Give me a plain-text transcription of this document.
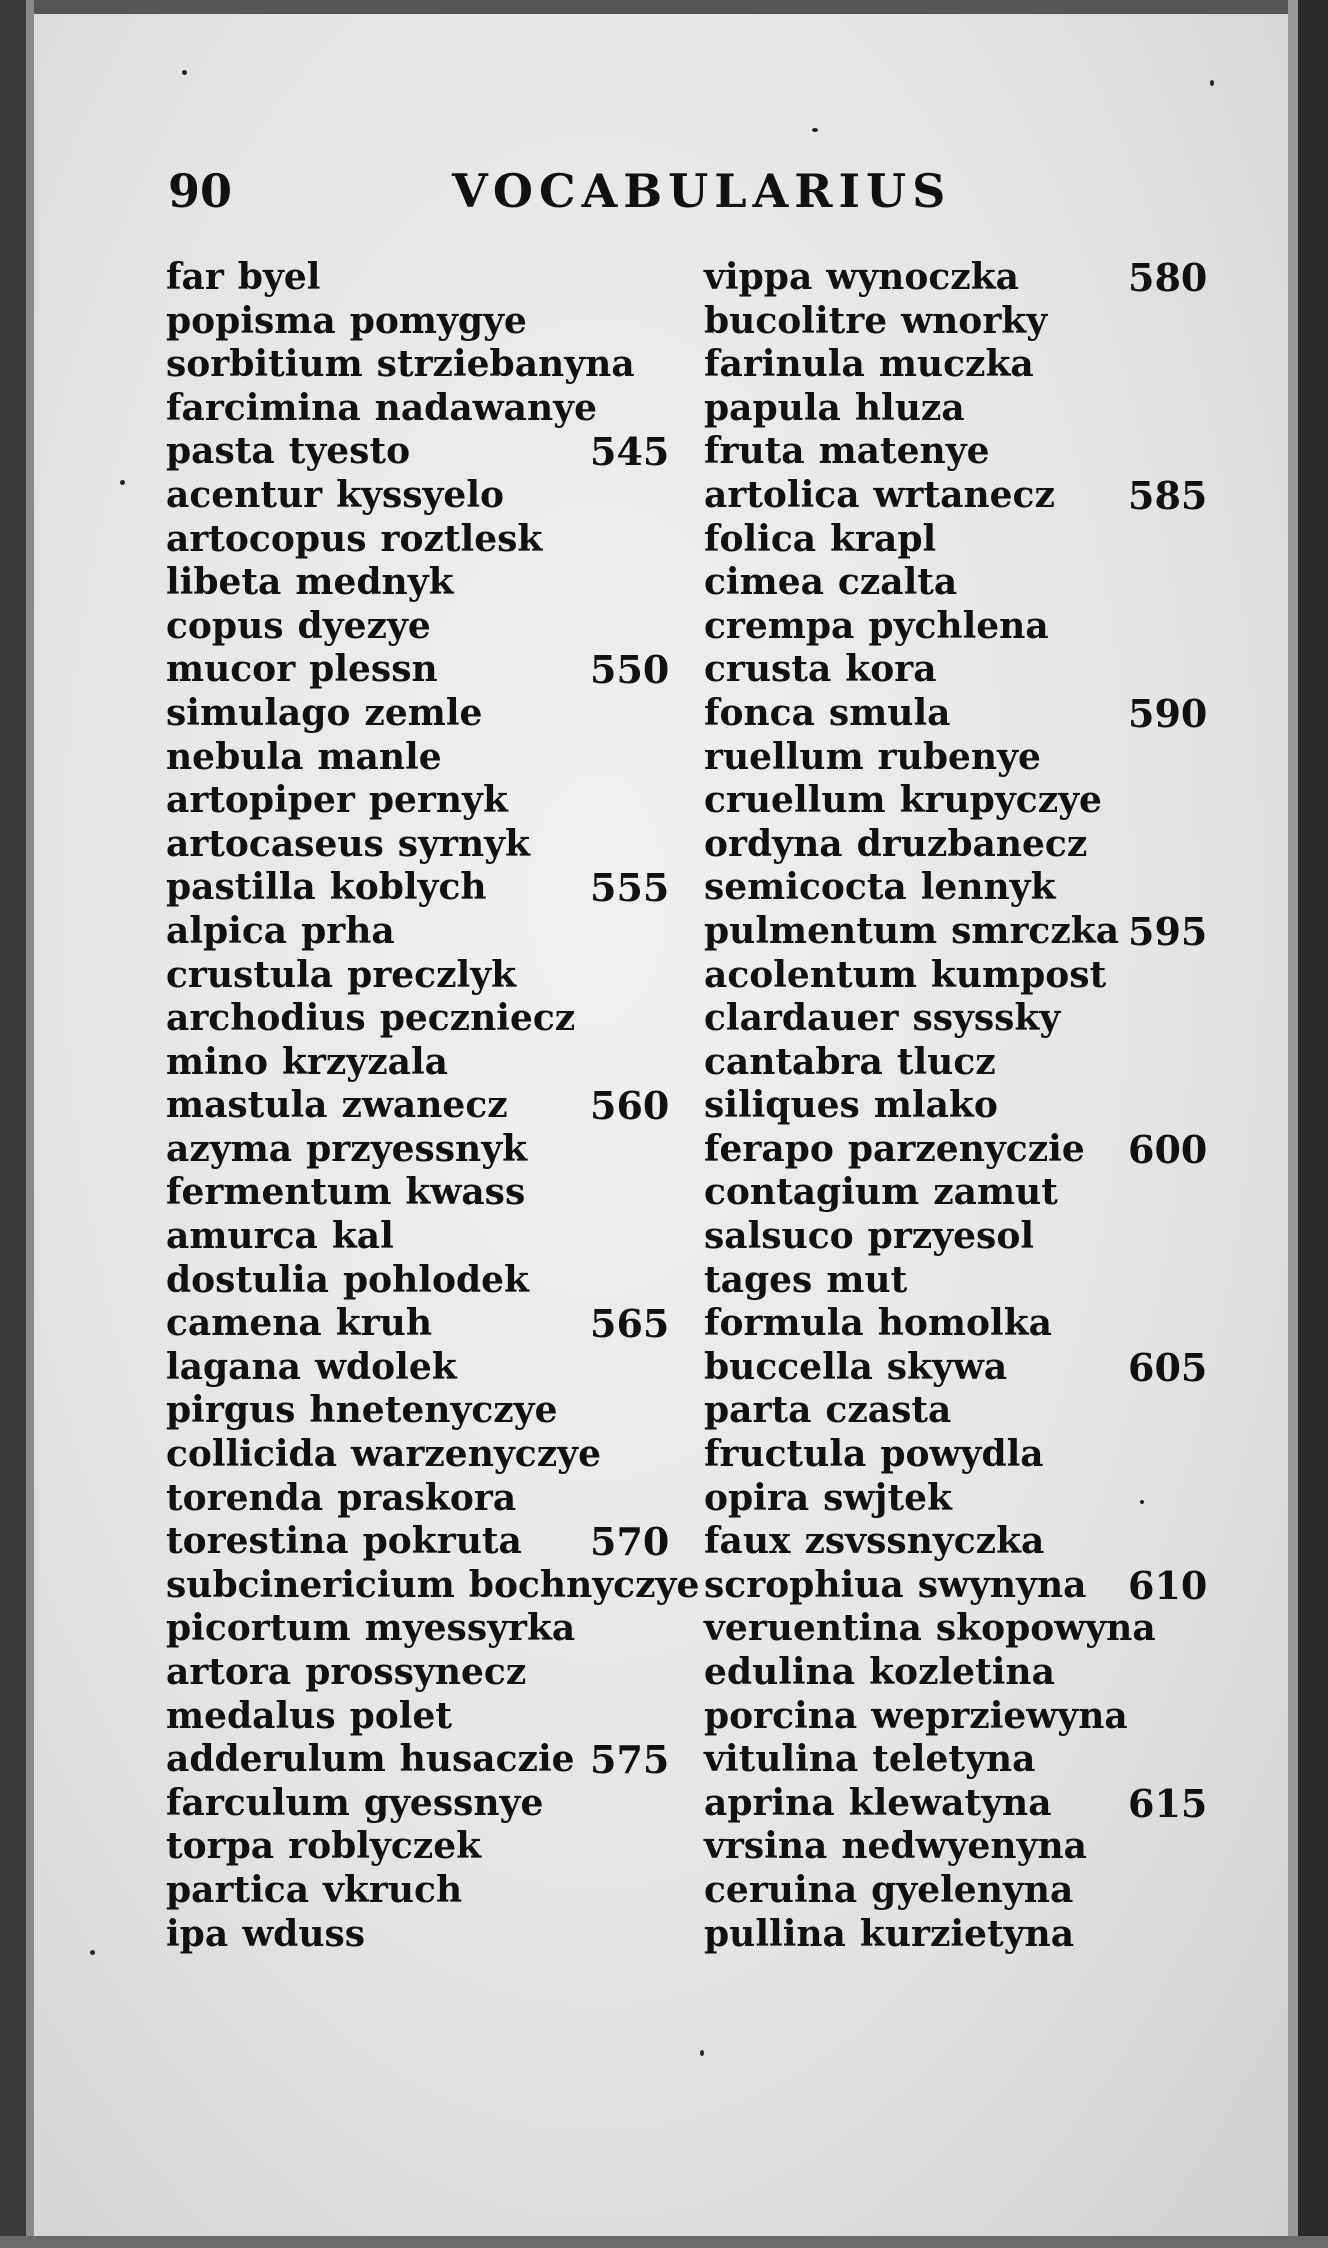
90	VOCABULARIUS
far byel
popisma pomygye
sorbitium strziebanyna
farcimina nadawanye
pasta tyesto	545
acentur kyssyelo
artocopus roztlesk
libeta mednyk
copus dyezye
mucor plessn	550
simulago zemle
nebula manle
artopiper pernyk
artocaseus syrnyk
pastilla koblych	555
alpica prha
crustula preczlyk
archodius peczniecz
mino krzyzala
mastula zwanecz 560
azyma przyessnyk
fermentum kwass
amurca kal
dostulia pohlodek
camena kruh	565
lagana wdolek
pirgus hnetenyczye
collicida warzenyczye
torenda praskora
torestina pokruta 570
subcinericium bochnyczye
picortum myessyrka
artora prossynecz
medalus polet
adderulum husaczie 575
farculum gyessnye
torpa roblyczek
partica vkruch
ipa wduss
vippa wynoczka	580
bucolitre wnorky
farinula muczka
papula hluza
fruta matenye
artolica wrtanecz 585
folica krapl
cimea czalta
crempa pychlena
crusta kora
fonca smula	590
ruellum rubenye
cruellum krupyczye
ordyna druzbanecz
semicocta lennyk
pulmentum smrczka 595
acolentum kumpost
clardauer ssyssky
cantabra tlucz
siliques mlako
ferapo parzenyczie 600
contagium zamut
salsuco przyesol
tages mut
formula homolka
buccella skywa	605
parta czasta
fructula powydla
opira swjtek
faux zsvssnyczka
scrophiua swynyna 610
veruentina skopowyna
edulina kozletina
porcina weprziewyna
vitulina teletyna
aprina klewatyna 615
vrsina nedwyenyna
ceruina gyelenyna
pullina kurzietyna
